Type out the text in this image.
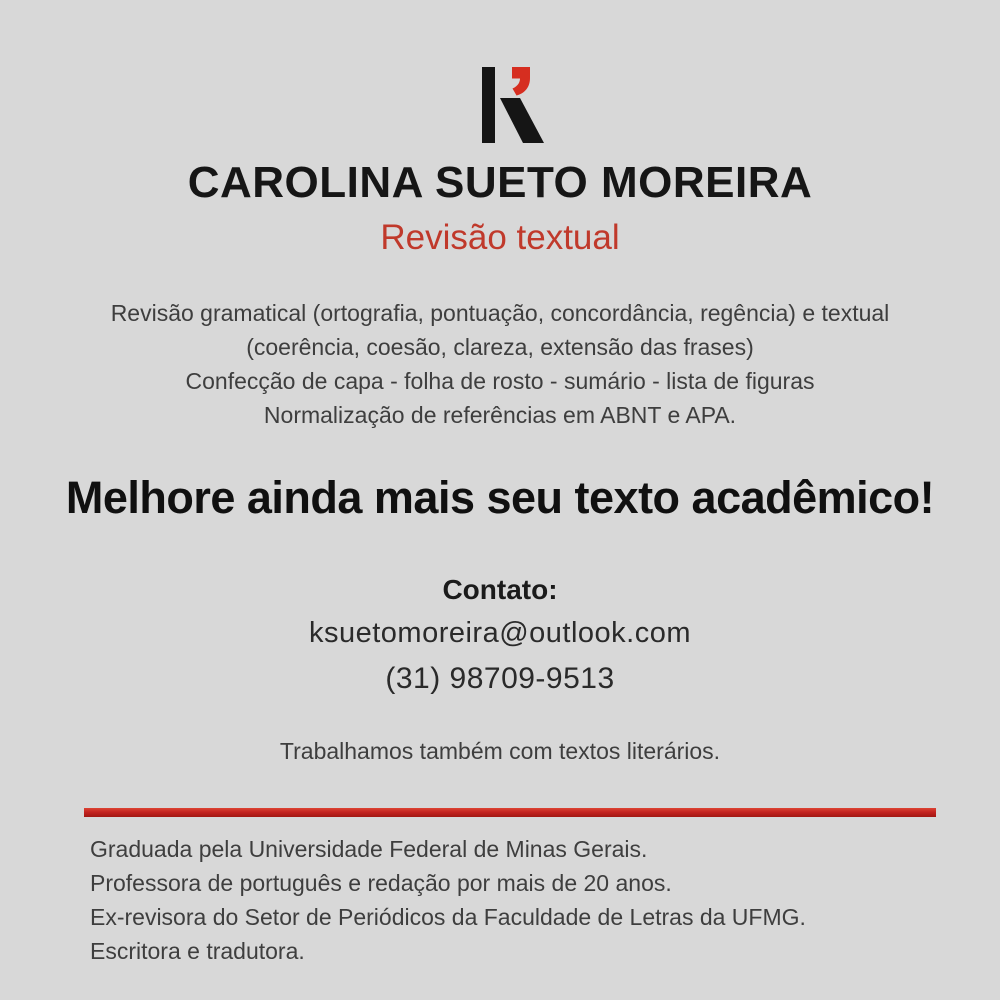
CAROLINA SUETO MOREIRA
Revisão textual
Revisão gramatical (ortografia, pontuação, concordância, regência) e textual
(coerência, coesão, clareza, extensão das frases)
Confecção de capa - folha de rosto - sumário - lista de figuras
Normalização de referências em ABNT e APA.
Melhore ainda mais seu texto acadêmico!
Contato:
ksuetomoreira@outlook.com
(31) 98709-9513
Trabalhamos também com textos literários.
Graduada pela Universidade Federal de Minas Gerais.
Professora de português e redação por mais de 20 anos.
Ex-revisora do Setor de Periódicos da Faculdade de Letras da UFMG.
Escritora e tradutora.
